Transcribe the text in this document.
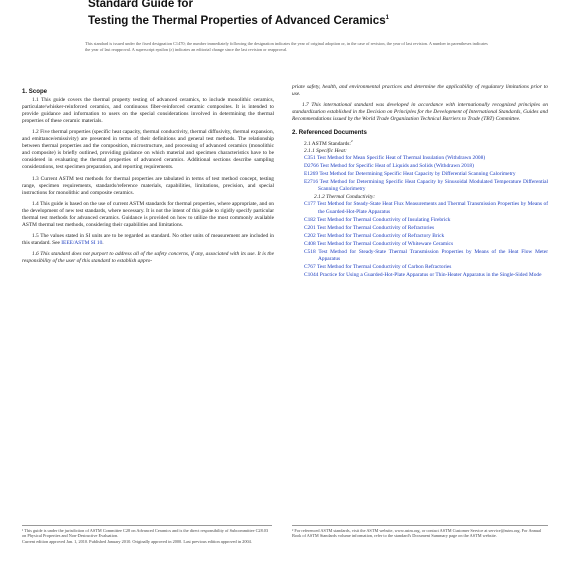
Standard Guide for
Testing the Thermal Properties of Advanced Ceramics$^1$
This standard is issued under the fixed designation C1470; the number immediately following the designation indicates the year of original adoption or, in the case of revision, the year of last revision. A number in parentheses indicates the year of last reapproval. A superscript epsilon (ε) indicates an editorial change since the last revision or reapproval.
1. Scope

1.1 This guide covers the thermal property testing of advanced ceramics, to include monolithic ceramics, particulate/whisker-reinforced ceramics, and continuous fiber-reinforced ceramic composites. It is intended to provide guidance and information to users on the special considerations involved in determining the thermal properties of these ceramic materials.

1.2 Five thermal properties (specific heat capacity, thermal conductivity, thermal diffusivity, thermal expansion, and emittance/emissivity) are presented in terms of their definitions and general test methods. The relationship between thermal properties and the composition, microstructure, and processing of advanced ceramics (monolithic and composite) is briefly outlined, providing guidance on which material and specimen characteristics have to be considered in evaluating the thermal properties of advanced ceramics. Additional sections describe sampling considerations, test specimen preparation, and reporting requirements.

1.3 Current ASTM test methods for thermal properties are tabulated in terms of test method concept, testing range, specimen requirements, standards/reference materials, capabilities, limitations, precision, and special instructions for monolithic and composite ceramics.

1.4 This guide is based on the use of current ASTM standards for thermal properties, where appropriate, and on the development of new test standards, where necessary. It is not the intent of this guide to rigidly specify particular thermal test methods for advanced ceramics. Guidance is provided on how to utilize the most commonly available ASTM thermal test methods, considering their capabilities and limitations.

1.5 The values stated in SI units are to be regarded as standard. No other units of measurement are included in this standard. See IEEE/ASTM SI 10.

1.6 This standard does not purport to address all of the safety concerns, if any, associated with its use. It is the responsibility of the user of this standard to establish appro-

priate safety, health, and environmental practices and determine the applicability of regulatory limitations prior to use.

1.7 This international standard was developed in accordance with internationally recognized principles on standardization established in the Decision on Principles for the Development of International Standards, Guides and Recommendations issued by the World Trade Organization Technical Barriers to Trade (TBT) Committee.

2. Referenced Documents
2.1 ASTM Standards:$^2$
2.1.1 Specific Heat:
C351 Test Method for Mean Specific Heat of Thermal Insulation (Withdrawn 2008)
D2766 Test Method for Specific Heat of Liquids and Solids (Withdrawn 2018)
E1269 Test Method for Determining Specific Heat Capacity by Differential Scanning Calorimetry
E2716 Test Method for Determining Specific Heat Capacity by Sinusoidal Modulated Temperature Differential Scanning Calorimetry
2.1.2 Thermal Conductivity:
C177 Test Method for Steady-State Heat Flux Measurements and Thermal Transmission Properties by Means of the Guarded-Hot-Plate Apparatus
C182 Test Method for Thermal Conductivity of Insulating Firebrick
C201 Test Method for Thermal Conductivity of Refractories
C202 Test Method for Thermal Conductivity of Refractory Brick
C408 Test Method for Thermal Conductivity of Whiteware Ceramics
C518 Test Method for Steady-State Thermal Transmission Properties by Means of the Heat Flow Meter Apparatus
C767 Test Method for Thermal Conductivity of Carbon Refractories
C1044 Practice for Using a Guarded-Hot-Plate Apparatus or Thin-Heater Apparatus in the Single-Sided Mode
¹ This guide is under the jurisdiction of ASTM Committee C28 on Advanced Ceramics and is the direct responsibility of Subcommittee C28.03 on Physical Properties and Non-Destructive Evaluation.
Current edition approved Jan. 1, 2010. Published January 2010. Originally approved in 2000. Last previous edition approved in 2004.
² For referenced ASTM standards, visit the ASTM website, www.astm.org, or contact ASTM Customer Service at service@astm.org. For Annual Book of ASTM Standards volume information, refer to the standard's Document Summary page on the ASTM website.
